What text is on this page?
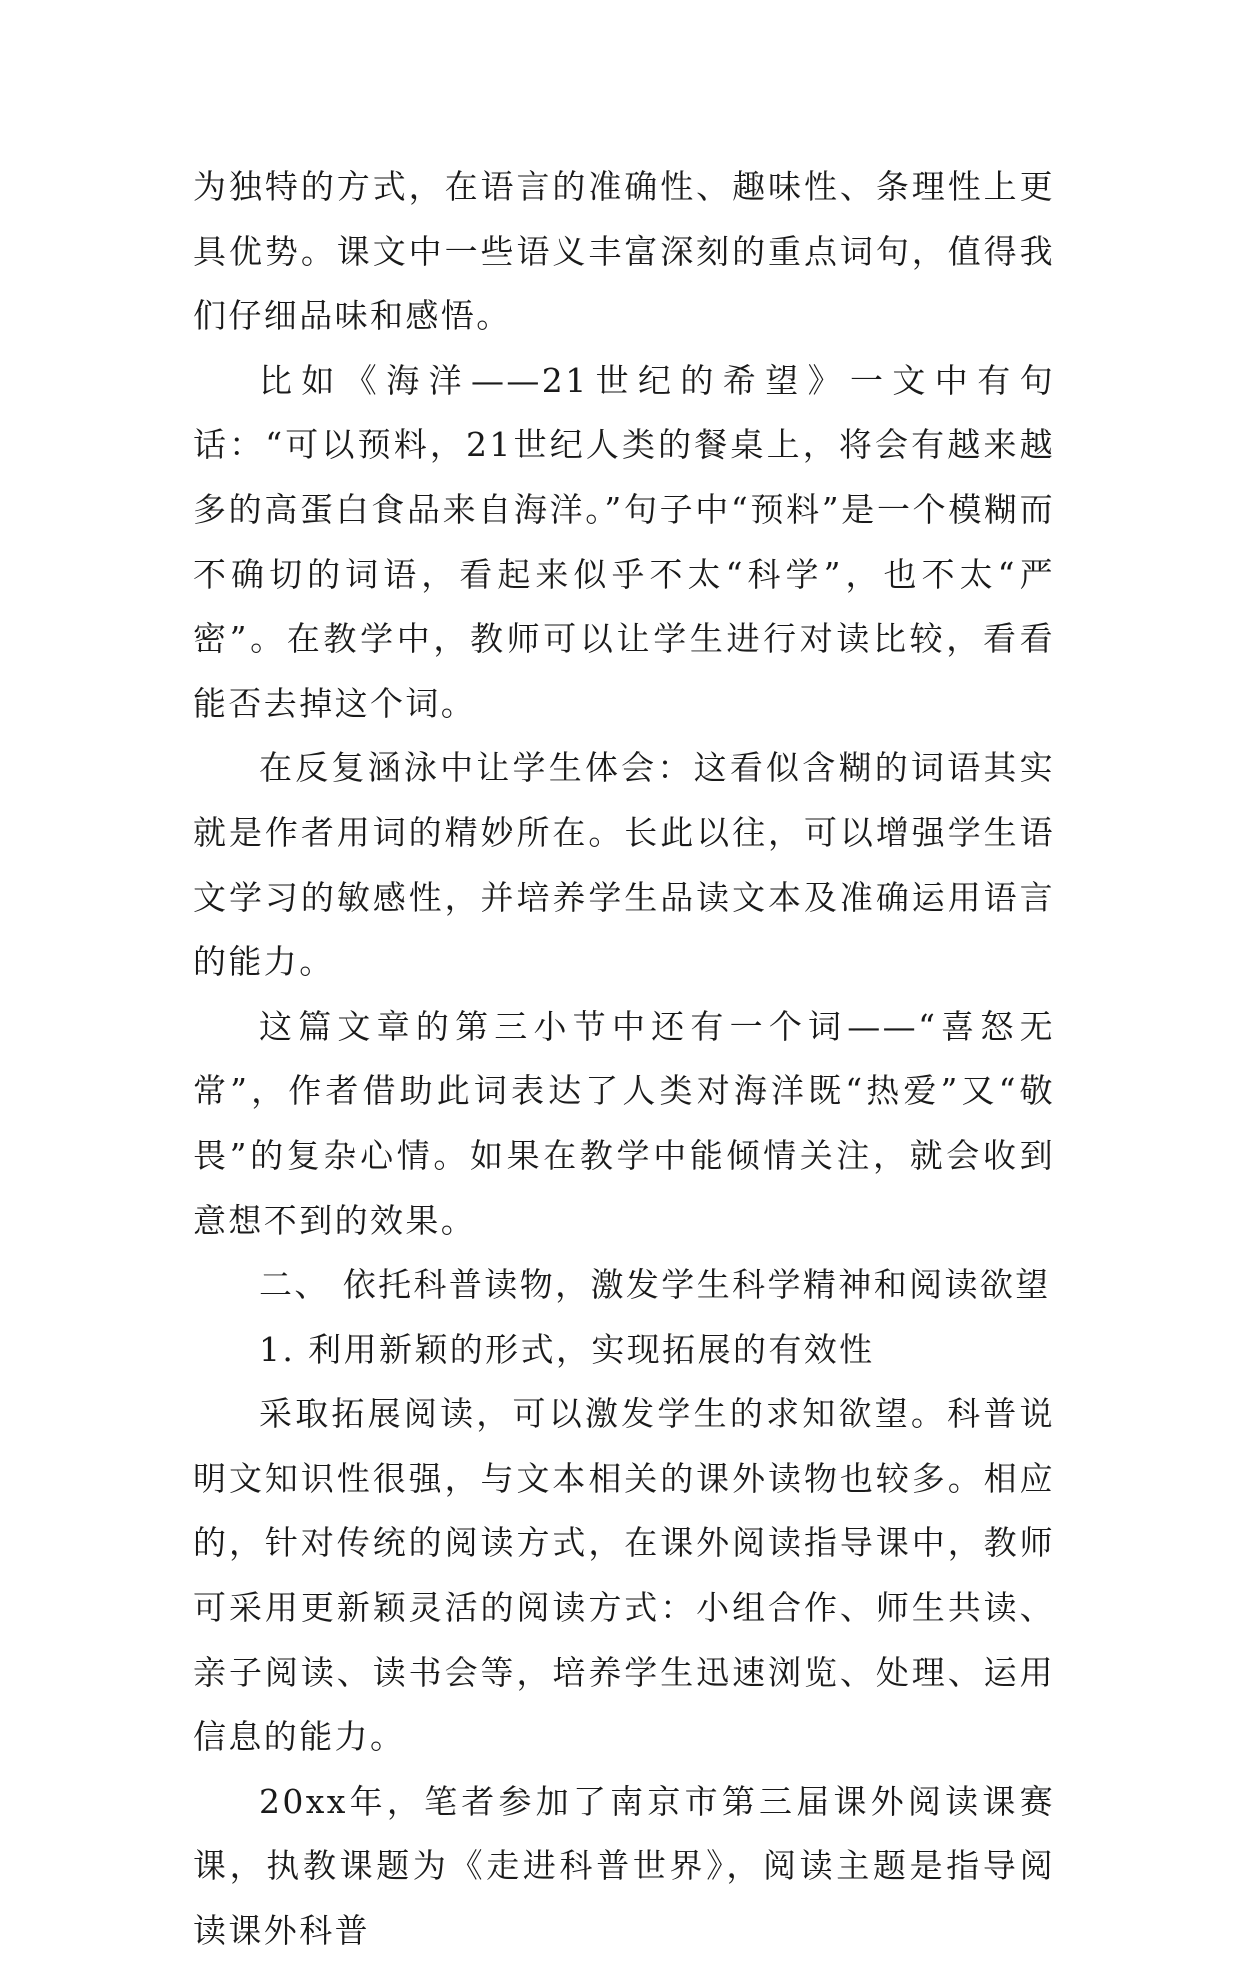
为独特的方式，在语言的准确性、趣味性、条理性上更具优势。课文中一些语义丰富深刻的重点词句，值得我们仔细品味和感悟。

比如《海洋——21世纪的希望》一文中有句话：“可以预料，21世纪人类的餐桌上，将会有越来越多的高蛋白食品来自海洋。”句子中“预料”是一个模糊而不确切的词语，看起来似乎不太“科学”，也不太“严密”。在教学中，教师可以让学生进行对读比较，看看能否去掉这个词。

在反复涵泳中让学生体会：这看似含糊的词语其实就是作者用词的精妙所在。长此以往，可以增强学生语文学习的敏感性，并培养学生品读文本及准确运用语言的能力。

这篇文章的第三小节中还有一个词——“喜怒无常”，作者借助此词表达了人类对海洋既“热爱”又“敬畏”的复杂心情。如果在教学中能倾情关注，就会收到意想不到的效果。

二、 依托科普读物，激发学生科学精神和阅读欲望

1. 利用新颖的形式，实现拓展的有效性

采取拓展阅读，可以激发学生的求知欲望。科普说明文知识性很强，与文本相关的课外读物也较多。相应的，针对传统的阅读方式，在课外阅读指导课中，教师可采用更新颖灵活的阅读方式：小组合作、师生共读、亲子阅读、读书会等，培养学生迅速浏览、处理、运用信息的能力。

20xx年，笔者参加了南京市第三届课外阅读课赛课，执教课题为《走进科普世界》，阅读主题是指导阅读课外科普
